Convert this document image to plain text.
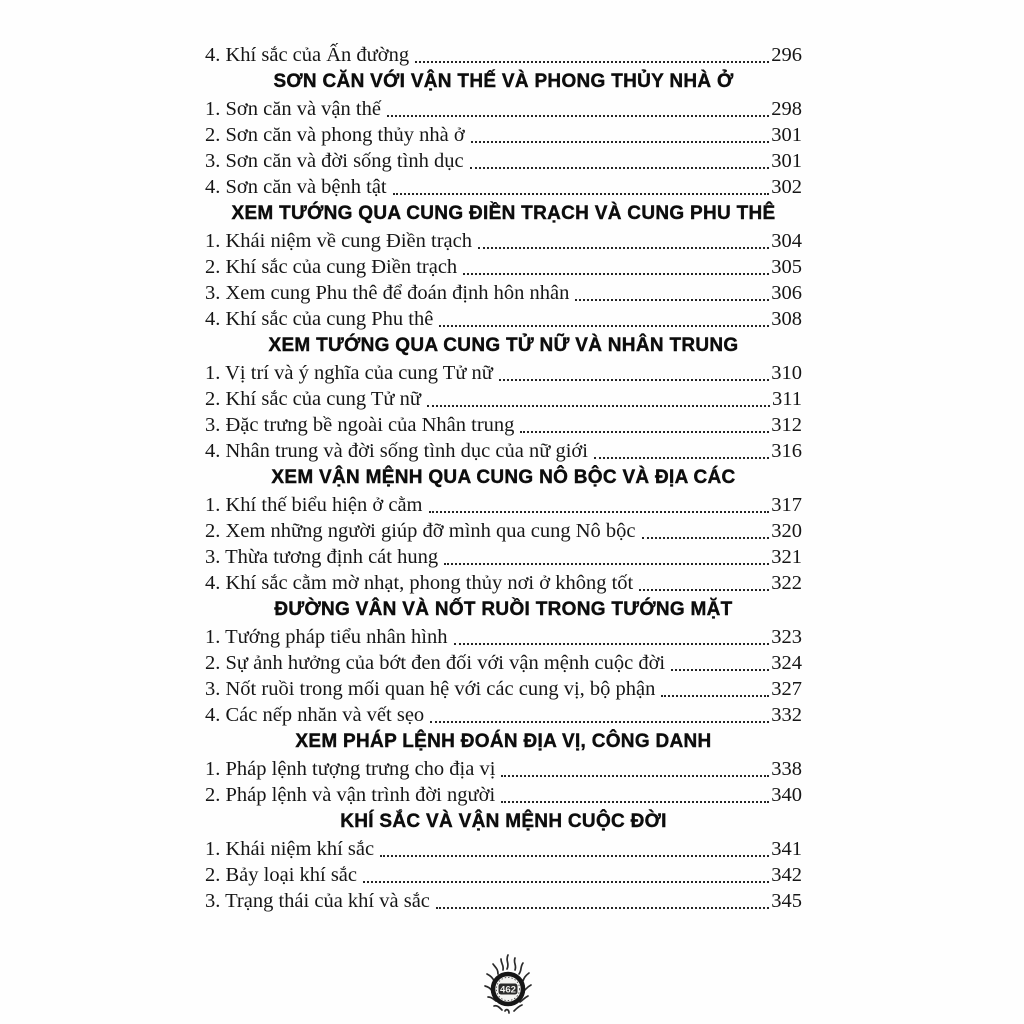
4. Khí sắc của Ấn đường	296
SƠN CĂN VỚI VẬN THẾ VÀ PHONG THỦY NHÀ Ở
1. Sơn căn và vận thế	298
2. Sơn căn và phong thủy nhà ở	301
3. Sơn căn và đời sống tình dục	301
4. Sơn căn và bệnh tật	302
XEM TƯỚNG QUA CUNG ĐIỀN TRẠCH VÀ CUNG PHU THÊ
1. Khái niệm về cung Điền trạch	304
2. Khí sắc của cung Điền trạch	305
3. Xem cung Phu thê để đoán định hôn nhân	306
4. Khí sắc của cung Phu thê	308
XEM TƯỚNG QUA CUNG TỬ NỮ VÀ NHÂN TRUNG
1. Vị trí và ý nghĩa của cung Tử nữ	310
2. Khí sắc của cung Tử nữ	311
3. Đặc trưng bề ngoài của Nhân trung	312
4. Nhân trung và đời sống tình dục của nữ giới	316
XEM VẬN MỆNH QUA CUNG NÔ BỘC VÀ ĐỊA CÁC
1. Khí thế biểu hiện ở cằm	317
2. Xem những người giúp đỡ mình qua cung Nô bộc	320
3. Thừa tương định cát hung	321
4. Khí sắc cằm mờ nhạt, phong thủy nơi ở không tốt	322
ĐƯỜNG VÂN VÀ NỐT RUỒI TRONG TƯỚNG MẶT
1. Tướng pháp tiểu nhân hình	323
2. Sự ảnh hưởng của bớt đen đối với vận mệnh cuộc đời	324
3. Nốt ruồi trong mối quan hệ với các cung vị, bộ phận	327
4. Các nếp nhăn và vết sẹo	332
XEM PHÁP LỆNH ĐOÁN ĐỊA VỊ, CÔNG DANH
1. Pháp lệnh tượng trưng cho địa vị	338
2. Pháp lệnh và vận trình đời người	340
KHÍ SẮC VÀ VẬN MỆNH CUỘC ĐỜI
1. Khái niệm khí sắc	341
2. Bảy loại khí sắc	342
3. Trạng thái của khí và sắc	345
462
